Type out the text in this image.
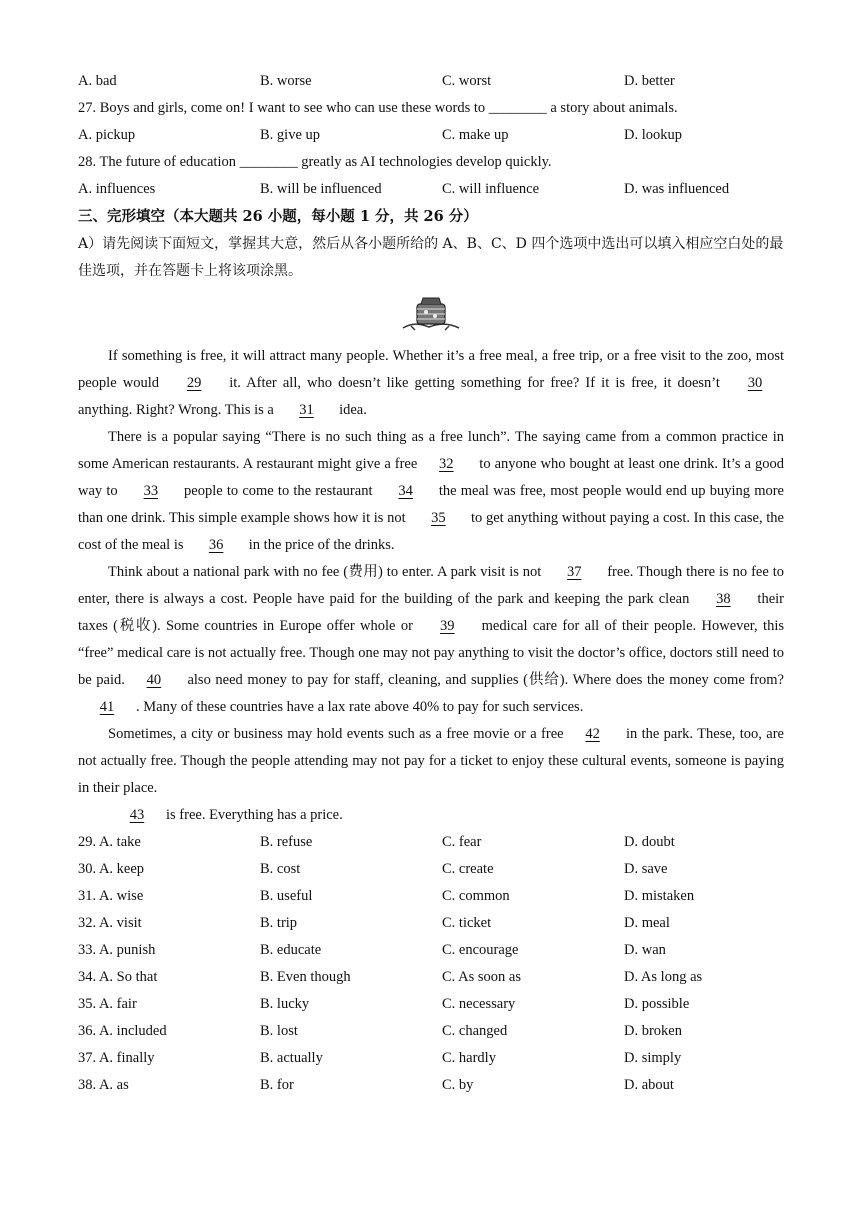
A. bad	B. worse	C. worst	D. better
27. Boys and girls, come on! I want to see who can use these words to ________ a story about animals.
A. pickup	B. give up	C. make up	D. lookup
28. The future of education ________ greatly as AI technologies develop quickly.
A. influences	B. will be influenced	C. will influence	D. was influenced
三、完形填空（本大题共 26 小题，每小题 1 分，共 26 分）
A）请先阅读下面短文，掌握其大意，然后从各小题所给的 A、B、C、D 四个选项中选出可以填入相应空白处的最佳选项，并在答题卡上将该项涂黑。
If something is free, it will attract many people. Whether it’s a free meal, a free trip, or a free visit to the zoo, most people would 29 it. After all, who doesn’t like getting something for free? If it is free, it doesn’t 30 anything. Right? Wrong. This is a 31 idea.
There is a popular saying “There is no such thing as a free lunch”. The saying came from a common practice in some American restaurants. A restaurant might give a free 32 to anyone who bought at least one drink. It’s a good way to 33 people to come to the restaurant 34 the meal was free, most people would end up buying more than one drink. This simple example shows how it is not 35 to get anything without paying a cost. In this case, the cost of the meal is 36 in the price of the drinks.
Think about a national park with no fee (费用) to enter. A park visit is not 37 free. Though there is no fee to enter, there is always a cost. People have paid for the building of the park and keeping the park clean 38 their taxes (税收). Some countries in Europe offer whole or 39 medical care for all of their people. However, this “free” medical care is not actually free. Though one may not pay anything to visit the doctor’s office, doctors still need to be paid. 40 also need money to pay for staff, cleaning, and supplies (供给). Where does the money come from? 41 . Many of these countries have a lax rate above 40% to pay for such services.
Sometimes, a city or business may hold events such as a free movie or a free 42 in the park. These, too, are not actually free. Though the people attending may not pay for a ticket to enjoy these cultural events, someone is paying in their place.
43 is free. Everything has a price.
29. A. take	B. refuse	C. fear	D. doubt
30. A. keep	B. cost	C. create	D. save
31. A. wise	B. useful	C. common	D. mistaken
32. A. visit	B. trip	C. ticket	D. meal
33. A. punish	B. educate	C. encourage	D. wan
34. A. So that	B. Even though	C. As soon as	D. As long as
35. A. fair	B. lucky	C. necessary	D. possible
36. A. included	B. lost	C. changed	D. broken
37. A. finally	B. actually	C. hardly	D. simply
38. A. as	B. for	C. by	D. about
